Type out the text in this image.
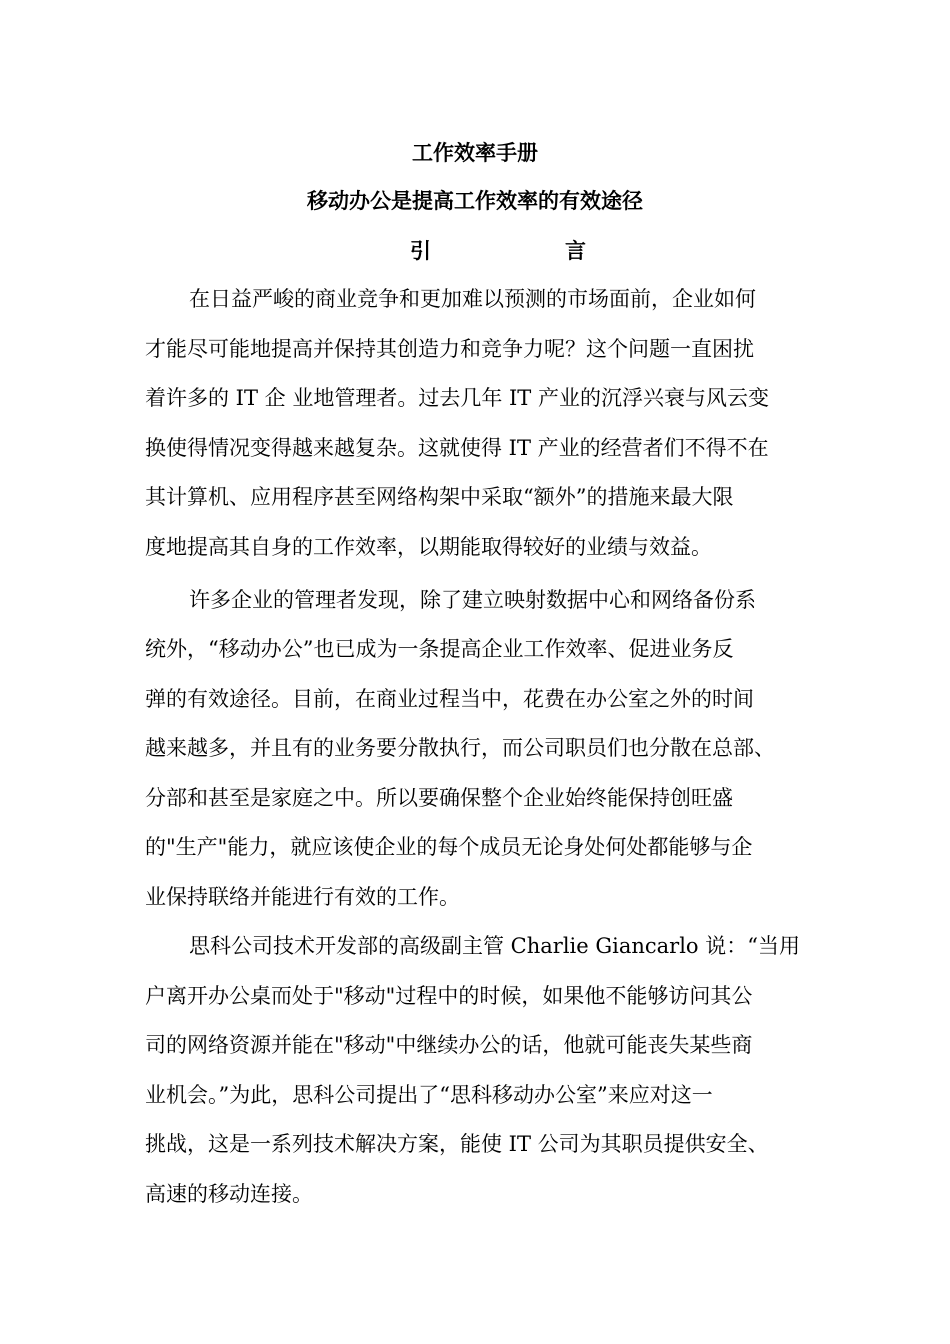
工作效率手册
移动办公是提高工作效率的有效途径
引	言
在日益严峻的商业竞争和更加难以预测的市场面前，企业如何
才能尽可能地提高并保持其创造力和竞争力呢？这个问题一直困扰
着许多的 IT 企 业地管理者。过去几年 IT 产业的沉浮兴衰与风云变
换使得情况变得越来越复杂。这就使得 IT 产业的经营者们不得不在
其计算机、应用程序甚至网络构架中采取“额外”的措施来最大限
度地提高其自身的工作效率，以期能取得较好的业绩与效益。
许多企业的管理者发现，除了建立映射数据中心和网络备份系
统外，“移动办公”也已成为一条提高企业工作效率、促进业务反
弹的有效途径。目前，在商业过程当中，花费在办公室之外的时间
越来越多，并且有的业务要分散执行，而公司职员们也分散在总部、
分部和甚至是家庭之中。所以要确保整个企业始终能保持创旺盛
的"生产"能力，就应该使企业的每个成员无论身处何处都能够与企
业保持联络并能进行有效的工作。
思科公司技术开发部的高级副主管 Charlie Giancarlo 说：“当用
户离开办公桌而处于"移动"过程中的时候，如果他不能够访问其公
司的网络资源并能在"移动"中继续办公的话，他就可能丧失某些商
业机会。”为此，思科公司提出了“思科移动办公室”来应对这一
挑战，这是一系列技术解决方案，能使 IT 公司为其职员提供安全、
高速的移动连接。
